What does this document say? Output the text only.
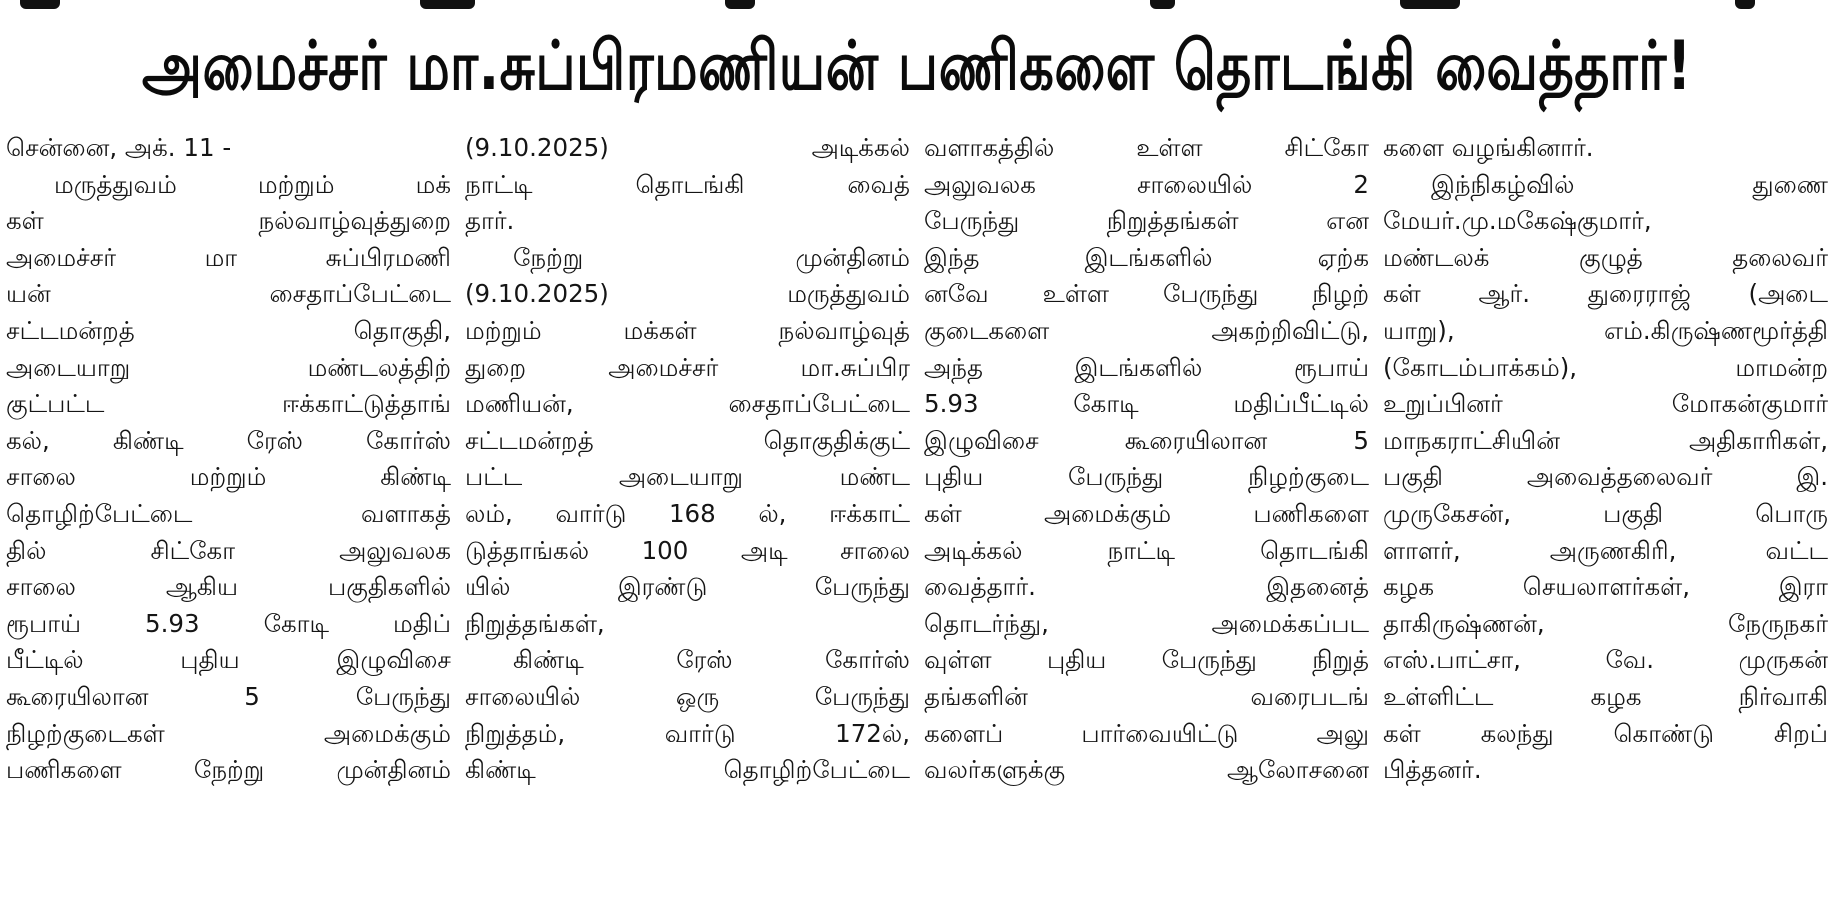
அமைச்சர் மா.சுப்பிரமணியன் பணிகளை தொடங்கி வைத்தார்!
சென்னை, அக். 11 -
மருத்துவம் மற்றும் மக்
கள் நல்வாழ்வுத்துறை
அமைச்சர் மா சுப்பிரமணி
யன் சைதாப்பேட்டை
சட்டமன்றத் தொகுதி,
அடையாறு மண்டலத்திற்
குட்பட்ட ஈக்காட்டுத்தாங்
கல், கிண்டி ரேஸ் கோர்ஸ்
சாலை மற்றும் கிண்டி
தொழிற்பேட்டை வளாகத்
தில் சிட்கோ அலுவலக
சாலை ஆகிய பகுதிகளில்
ரூபாய் 5.93 கோடி மதிப்
பீட்டில் புதிய இழுவிசை
கூரையிலான 5 பேருந்து
நிழற்குடைகள் அமைக்கும்
பணிகளை நேற்று முன்தினம்
(9.10.2025) அடிக்கல்
நாட்டி தொடங்கி வைத்
தார்.
நேற்று முன்தினம்
(9.10.2025) மருத்துவம்
மற்றும் மக்கள் நல்வாழ்வுத்
துறை அமைச்சர் மா.சுப்பிர
மணியன், சைதாப்பேட்டை
சட்டமன்றத் தொகுதிக்குட்
பட்ட அடையாறு மண்ட
லம், வார்டு 168 ல், ஈக்காட்
டுத்தாங்கல் 100 அடி சாலை
யில் இரண்டு பேருந்து
நிறுத்தங்கள்,
கிண்டி ரேஸ் கோர்ஸ்
சாலையில் ஒரு பேருந்து
நிறுத்தம், வார்டு 172ல்,
கிண்டி தொழிற்பேட்டை
வளாகத்தில் உள்ள சிட்கோ
அலுவலக சாலையில் 2
பேருந்து நிறுத்தங்கள் என
இந்த இடங்களில் ஏற்க
னவே உள்ள பேருந்து நிழற்
குடைகளை அகற்றிவிட்டு,
அந்த இடங்களில் ரூபாய்
5.93 கோடி மதிப்பீட்டில்
இழுவிசை கூரையிலான 5
புதிய பேருந்து நிழற்குடை
கள் அமைக்கும் பணிகளை
அடிக்கல் நாட்டி தொடங்கி
வைத்தார். இதனைத்
தொடர்ந்து, அமைக்கப்பட
வுள்ள புதிய பேருந்து நிறுத்
தங்களின் வரைபடங்
களைப் பார்வையிட்டு அலு
வலர்களுக்கு ஆலோசனை
களை வழங்கினார்.
இந்நிகழ்வில் துணை
மேயர்.மு.மகேஷ்குமார்,
மண்டலக் குழுத் தலைவர்
கள் ஆர். துரைராஜ் (அடை
யாறு), எம்.கிருஷ்ணமூர்த்தி
(கோடம்பாக்கம்), மாமன்ற
உறுப்பினர் மோகன்குமார்
மாநகராட்சியின் அதிகாரிகள்,
பகுதி அவைத்தலைவர் இ.
முருகேசன், பகுதி பொரு
ளாளர், அருணகிரி, வட்ட
கழக செயலாளர்கள், இரா
தாகிருஷ்ணன், நேருநகர்
எஸ்.பாட்சா, வே. முருகன்
உள்ளிட்ட கழக நிர்வாகி
கள் கலந்து கொண்டு சிறப்
பித்தனர்.
